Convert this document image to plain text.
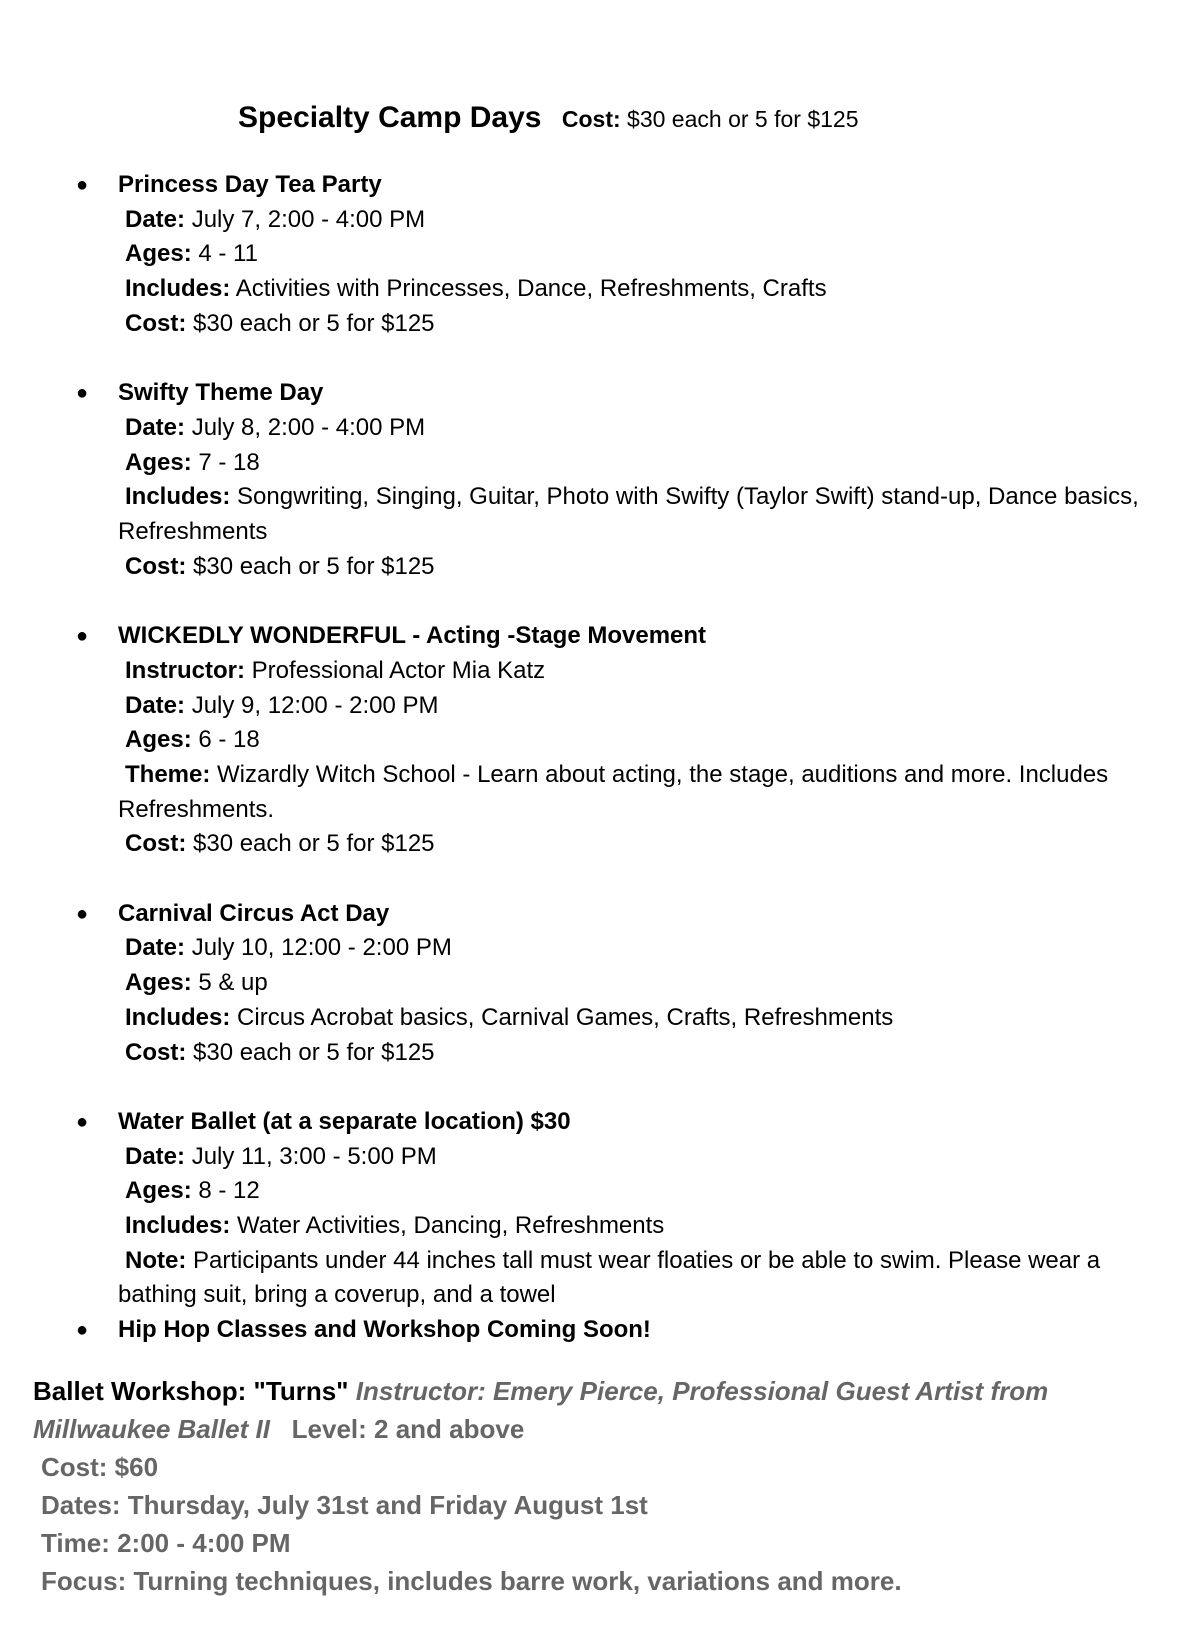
Specialty Camp Days Cost: $30 each or 5 for $125
● Princess Day Tea Party
Date: July 7, 2:00 - 4:00 PM
Ages: 4 - 11
Includes: Activities with Princesses, Dance, Refreshments, Crafts
Cost: $30 each or 5 for $125
● Swifty Theme Day
Date: July 8, 2:00 - 4:00 PM
Ages: 7 - 18
Includes: Songwriting, Singing, Guitar, Photo with Swifty (Taylor Swift) stand-up, Dance basics, Refreshments
Cost: $30 each or 5 for $125
● WICKEDLY WONDERFUL - Acting -Stage Movement
Instructor: Professional Actor Mia Katz
Date: July 9, 12:00 - 2:00 PM
Ages: 6 - 18
Theme: Wizardly Witch School - Learn about acting, the stage, auditions and more. Includes Refreshments.
Cost: $30 each or 5 for $125
● Carnival Circus Act Day
Date: July 10, 12:00 - 2:00 PM
Ages: 5 & up
Includes: Circus Acrobat basics, Carnival Games, Crafts, Refreshments
Cost: $30 each or 5 for $125
● Water Ballet (at a separate location) $30
Date: July 11, 3:00 - 5:00 PM
Ages: 8 - 12
Includes: Water Activities, Dancing, Refreshments
Note: Participants under 44 inches tall must wear floaties or be able to swim. Please wear a bathing suit, bring a coverup, and a towel
● Hip Hop Classes and Workshop Coming Soon!
Ballet Workshop: "Turns" Instructor: Emery Pierce, Professional Guest Artist from Millwaukee Ballet II Level: 2 and above
Cost: $60
Dates: Thursday, July 31st and Friday August 1st
Time: 2:00 - 4:00 PM
Focus: Turning techniques, includes barre work, variations and more.
